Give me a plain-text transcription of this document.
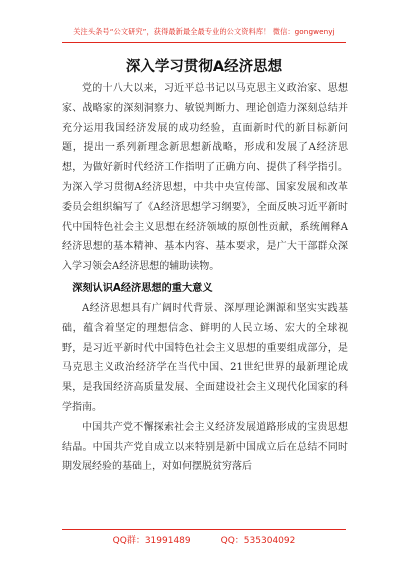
关注头条号“公文研究”，获得最新最全最专业的公文资料库！ 微信：gongwenyj
深入学习贯彻A经济思想

党的十八大以来，习近平总书记以马克思主义政治家、思想家、战略家的深刻洞察力、敏锐判断力、理论创造力深刻总结并充分运用我国经济发展的成功经验，直面新时代的新目标新问题，提出一系列新理念新思想新战略，形成和发展了A经济思想，为做好新时代经济工作指明了正确方向、提供了科学指引。为深入学习贯彻A经济思想，中共中央宣传部、国家发展和改革委员会组织编写了《A经济思想学习纲要》，全面反映习近平新时代中国特色社会主义思想在经济领域的原创性贡献，系统阐释A经济思想的基本精神、基本内容、基本要求，是广大干部群众深入学习领会A经济思想的辅助读物。

深刻认识A经济思想的重大意义

A经济思想具有广阔时代背景、深厚理论渊源和坚实实践基础，蕴含着坚定的理想信念、鲜明的人民立场、宏大的全球视野，是习近平新时代中国特色社会主义思想的重要组成部分，是马克思主义政治经济学在当代中国、21世纪世界的最新理论成果，是我国经济高质量发展、全面建设社会主义现代化国家的科学指南。

中国共产党不懈探索社会主义经济发展道路形成的宝贵思想结晶。中国共产党自成立以来特别是新中国成立后在总结不同时期发展经验的基础上，对如何摆脱贫穷落后

QQ群：31991489	QQ：535304092
